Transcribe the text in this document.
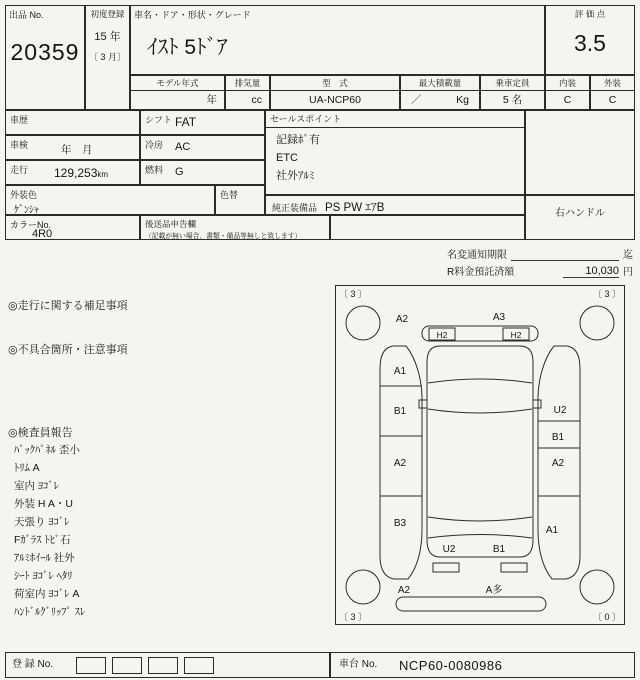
出品 No.
20359
初度登録
15 年
〔 3 月〕
車名・ドア・形状・グレード
ｲｽﾄ 5ﾄﾞｱ
評 価 点
3.5
モデル年式
年
排気量
cc
型　式
UA-NCP60
最大積載量
／	Kg
乗車定員
5 名
内装
C
外装
C
車歴
車検	年　月
走行 129,253km
シフト FAT
冷房 AC
燃料 G
セールスポイント
記録ﾎﾞ有
ETC
社外ｱﾙﾐ
純正装備品 PS PW ｴｱB	右ハンドル
外装色
ｹﾞﾝｼｬ
色替
カラーNo.
4R0
後送品申告欄
（記載が無い場合、書類・備品等無しと致します）
名変通知期限	迄
R料金預託済額	10,030 円
◎走行に関する補足事項
◎不具合箇所・注意事項
◎検査員報告
ﾊﾞｯｸﾊﾟﾈﾙ 歪小
ﾄﾘﾑ A
室内 ﾖｺﾞﾚ
外装 H A・U
天張り ﾖｺﾞﾚ
Fｶﾞﾗｽ ﾄﾋﾞ石
ｱﾙﾐﾎｲｰﾙ 社外
ｼｰﾄ ﾖｺﾞﾚ ﾍﾀﾘ
荷室内 ﾖｺﾞﾚ A
ﾊﾝﾄﾞﾙｸﾞﾘｯﾌﾟ ｽﾚ
〔 3 〕	〔 3 〕
〔 3 〕	〔 0 〕
H2	H2
A2	A3
A1
B1
A2
B3
U2
B1
A2
A1
U2	B1
A2	A多
登 録 No.	車台 No. NCP60-0080986
